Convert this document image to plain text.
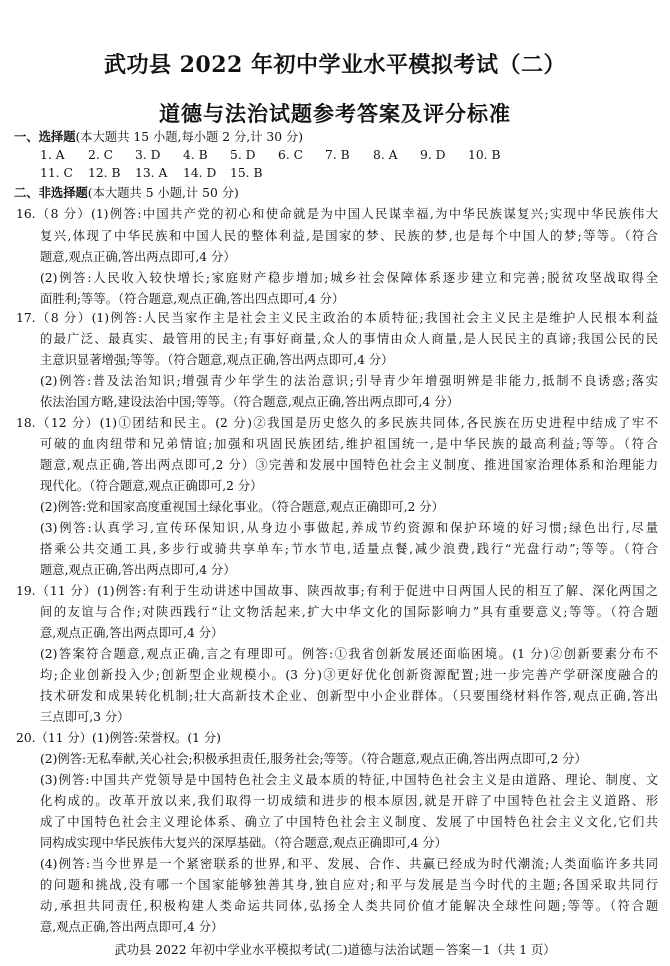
武功县 2022 年初中学业水平模拟考试（二）
道德与法治试题参考答案及评分标准
一、选择题(本大题共 15 小题,每小题 2 分,计 30 分)
1. A 2. C 3. D 4. B 5. D 6. C 7. B 8. A 9. D 10. B
11. C 12. B 13. A 14. D 15. B
二、非选择题(本大题共 5 小题,计 50 分)
16.（8 分）(1)例答:中国共产党的初心和使命就是为中国人民谋幸福,为中华民族谋复兴;实现中华民族伟大
复兴,体现了中华民族和中国人民的整体利益,是国家的梦、民族的梦,也是每个中国人的梦;等等。（符合
题意,观点正确,答出两点即可,4 分）
(2)例答:人民收入较快增长;家庭财产稳步增加;城乡社会保障体系逐步建立和完善;脱贫攻坚战取得全
面胜利;等等。（符合题意,观点正确,答出四点即可,4 分）
17.（8 分）(1)例答:人民当家作主是社会主义民主政治的本质特征;我国社会主义民主是维护人民根本利益
的最广泛、最真实、最管用的民主;有事好商量,众人的事情由众人商量,是人民民主的真谛;我国公民的民
主意识显著增强;等等。（符合题意,观点正确,答出两点即可,4 分）
(2)例答:普及法治知识;增强青少年学生的法治意识;引导青少年增强明辨是非能力,抵制不良诱惑;落实
依法治国方略,建设法治中国;等等。（符合题意,观点正确,答出两点即可,4 分）
18.（12 分）(1)①团结和民主。(2 分)②我国是历史悠久的多民族共同体,各民族在历史进程中结成了牢不
可破的血肉纽带和兄弟情谊;加强和巩固民族团结,维护祖国统一,是中华民族的最高利益;等等。（符合
题意,观点正确,答出两点即可,2 分）③完善和发展中国特色社会主义制度、推进国家治理体系和治理能力
现代化。（符合题意,观点正确即可,2 分）
(2)例答:党和国家高度重视国土绿化事业。（符合题意,观点正确即可,2 分）
(3)例答:认真学习,宣传环保知识,从身边小事做起,养成节约资源和保护环境的好习惯;绿色出行,尽量
搭乘公共交通工具,多步行或骑共享单车;节水节电,适量点餐,减少浪费,践行“光盘行动”;等等。（符合
题意,观点正确,答出两点即可,4 分）
19.（11 分）(1)例答:有利于生动讲述中国故事、陕西故事;有利于促进中日两国人民的相互了解、深化两国之
间的友谊与合作;对陕西践行“让文物活起来,扩大中华文化的国际影响力”具有重要意义;等等。（符合题
意,观点正确,答出两点即可,4 分）
(2)答案符合题意,观点正确,言之有理即可。例答:①我省创新发展还面临困境。(1 分)②创新要素分布不
均;企业创新投入少;创新型企业规模小。(3 分)③更好优化创新资源配置;进一步完善产学研深度融合的
技术研发和成果转化机制;壮大高新技术企业、创新型中小企业群体。（只要围绕材料作答,观点正确,答出
三点即可,3 分）
20.（11 分）(1)例答:荣誉权。(1 分)
(2)例答:无私奉献,关心社会;积极承担责任,服务社会;等等。（符合题意,观点正确,答出两点即可,2 分）
(3)例答:中国共产党领导是中国特色社会主义最本质的特征,中国特色社会主义是由道路、理论、制度、文
化构成的。改革开放以来,我们取得一切成绩和进步的根本原因,就是开辟了中国特色社会主义道路、形
成了中国特色社会主义理论体系、确立了中国特色社会主义制度、发展了中国特色社会主义文化,它们共
同构成实现中华民族伟大复兴的深厚基础。（符合题意,观点正确即可,4 分）
(4)例答:当今世界是一个紧密联系的世界,和平、发展、合作、共赢已经成为时代潮流;人类面临许多共同
的问题和挑战,没有哪一个国家能够独善其身,独自应对;和平与发展是当今时代的主题;各国采取共同行
动,承担共同责任,积极构建人类命运共同体,弘扬全人类共同价值才能解决全球性问题;等等。（符合题
意,观点正确,答出两点即可,4 分）
武功县 2022 年初中学业水平模拟考试(二)道德与法治试题－答案－1（共 1 页）
